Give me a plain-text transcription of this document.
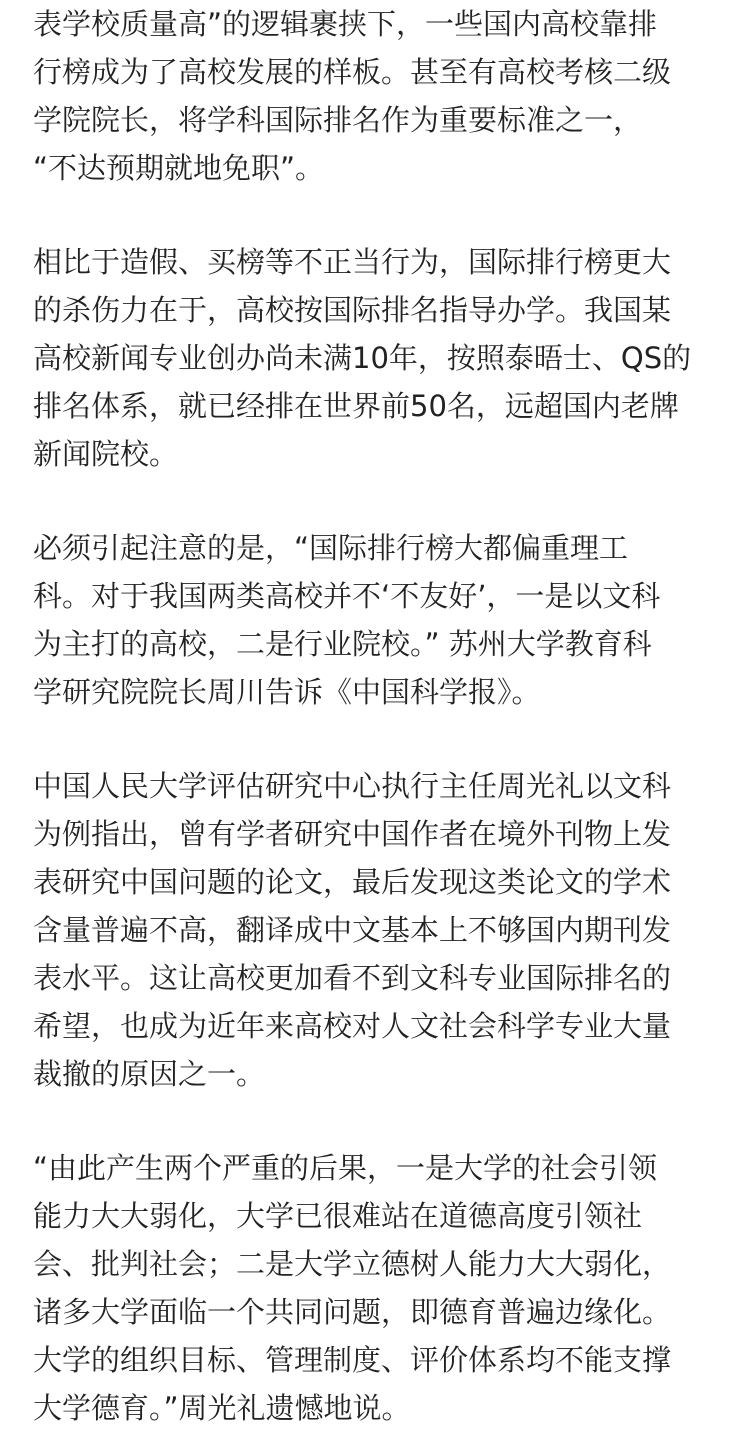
表学校质量高”的逻辑裹挟下，一些国内高校靠排
行榜成为了高校发展的样板。甚至有高校考核二级
学院院长，将学科国际排名作为重要标准之一，
“不达预期就地免职”。
相比于造假、买榜等不正当行为，国际排行榜更大
的杀伤力在于，高校按国际排名指导办学。我国某
高校新闻专业创办尚未满10年，按照泰晤士、QS的
排名体系，就已经排在世界前50名，远超国内老牌
新闻院校。
必须引起注意的是，“国际排行榜大都偏重理工
科。对于我国两类高校并不‘不友好’，一是以文科
为主打的高校，二是行业院校。” 苏州大学教育科
学研究院院长周川告诉《中国科学报》。
中国人民大学评估研究中心执行主任周光礼以文科
为例指出，曾有学者研究中国作者在境外刊物上发
表研究中国问题的论文，最后发现这类论文的学术
含量普遍不高，翻译成中文基本上不够国内期刊发
表水平。这让高校更加看不到文科专业国际排名的
希望，也成为近年来高校对人文社会科学专业大量
裁撤的原因之一。
“由此产生两个严重的后果，一是大学的社会引领
能力大大弱化，大学已很难站在道德高度引领社
会、批判社会；二是大学立德树人能力大大弱化，
诸多大学面临一个共同问题，即德育普遍边缘化。
大学的组织目标、管理制度、评价体系均不能支撑
大学德育。”周光礼遗憾地说。
